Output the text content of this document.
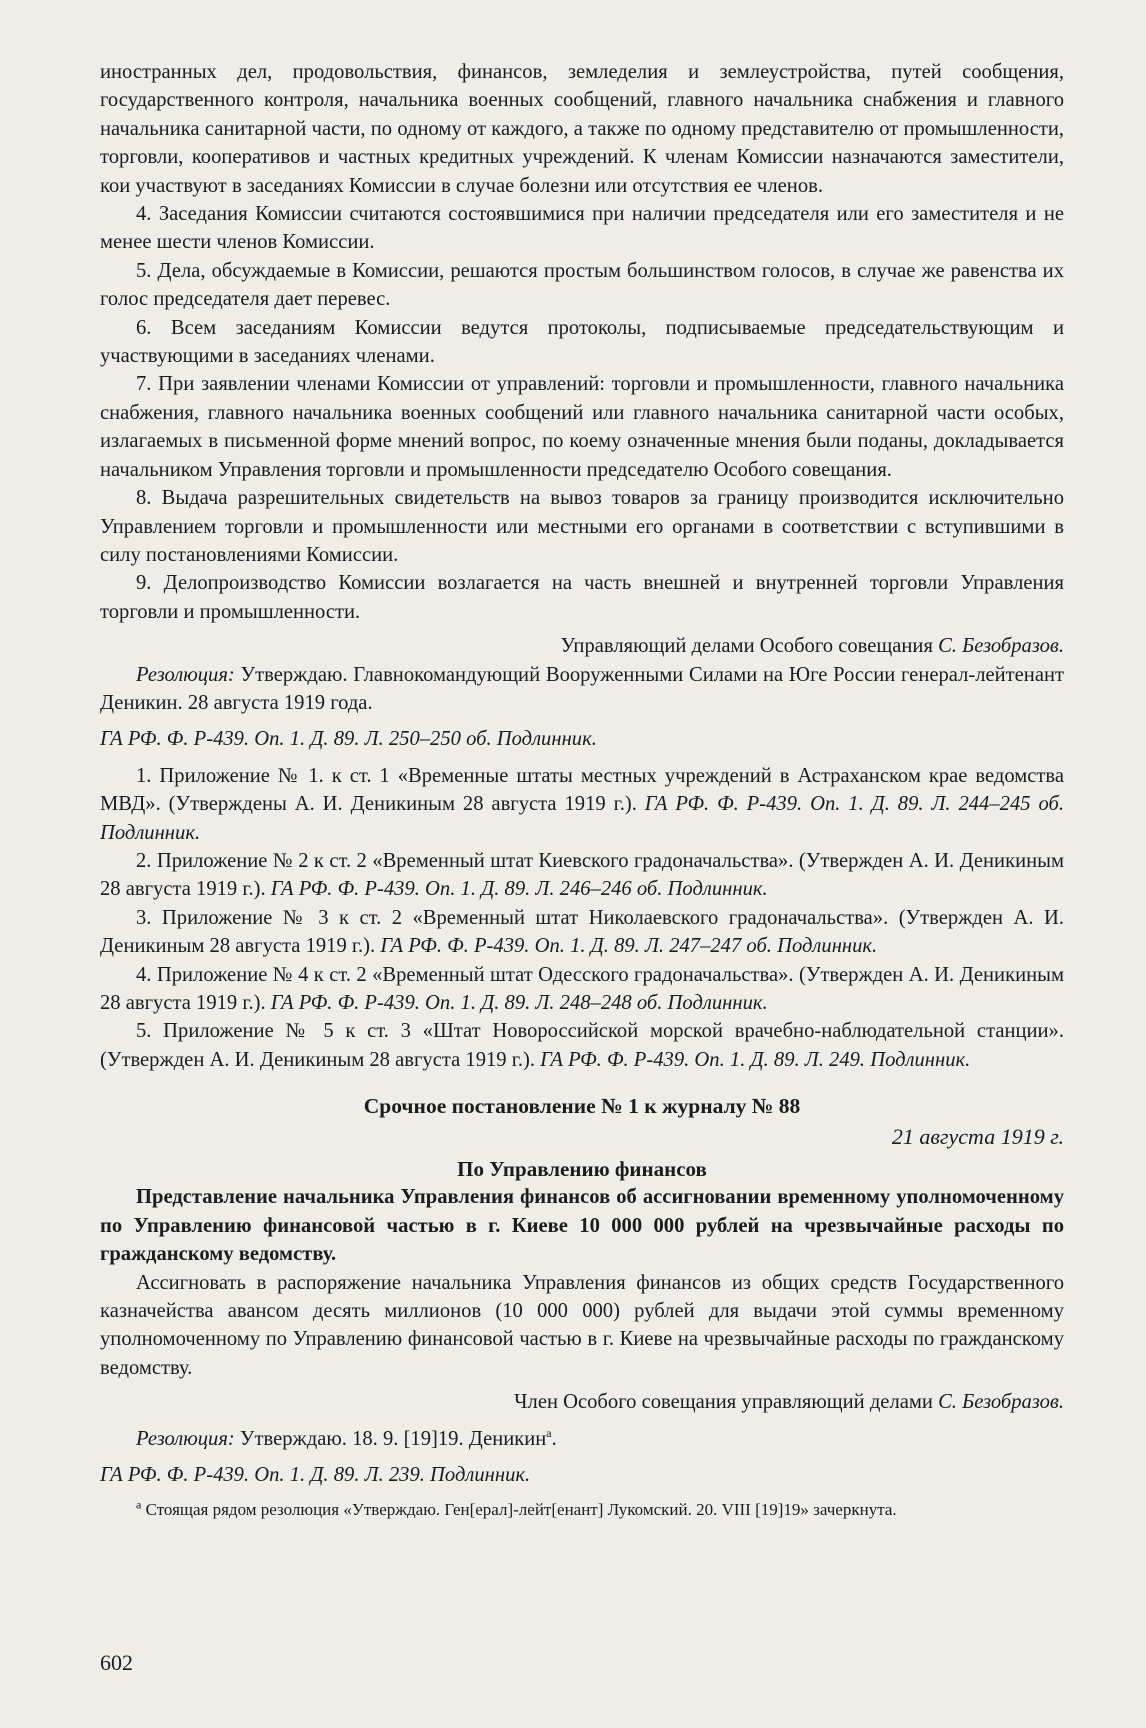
иностранных дел, продовольствия, финансов, земледелия и землеустройства, путей сообщения, государственного контроля, начальника военных сообщений, главного начальника снабжения и главного начальника санитарной части, по одному от каждого, а также по одному представителю от промышленности, торговли, кооперативов и частных кредитных учреждений. К членам Комиссии назначаются заместители, кои участвуют в заседаниях Комиссии в случае болезни или отсутствия ее членов.

4. Заседания Комиссии считаются состоявшимися при наличии председателя или его заместителя и не менее шести членов Комиссии.

5. Дела, обсуждаемые в Комиссии, решаются простым большинством голосов, в случае же равенства их голос председателя дает перевес.

6. Всем заседаниям Комиссии ведутся протоколы, подписываемые председательствующим и участвующими в заседаниях членами.

7. При заявлении членами Комиссии от управлений: торговли и промышленности, главного начальника снабжения, главного начальника военных сообщений или главного начальника санитарной части особых, излагаемых в письменной форме мнений вопрос, по коему означенные мнения были поданы, докладывается начальником Управления торговли и промышленности председателю Особого совещания.

8. Выдача разрешительных свидетельств на вывоз товаров за границу производится исключительно Управлением торговли и промышленности или местными его органами в соответствии с вступившими в силу постановлениями Комиссии.

9. Делопроизводство Комиссии возлагается на часть внешней и внутренней торговли Управления торговли и промышленности.

Управляющий делами Особого совещания С. Безобразов.

Резолюция: Утверждаю. Главнокомандующий Вооруженными Силами на Юге России генерал-лейтенант Деникин. 28 августа 1919 года.

ГА РФ. Ф. Р-439. Оп. 1. Д. 89. Л. 250–250 об. Подлинник.

1. Приложение № 1. к ст. 1 «Временные штаты местных учреждений в Астраханском крае ведомства МВД». (Утверждены А. И. Деникиным 28 августа 1919 г.). ГА РФ. Ф. Р-439. Оп. 1. Д. 89. Л. 244–245 об. Подлинник.

2. Приложение № 2 к ст. 2 «Временный штат Киевского градоначальства». (Утвержден А. И. Деникиным 28 августа 1919 г.). ГА РФ. Ф. Р-439. Оп. 1. Д. 89. Л. 246–246 об. Подлинник.

3. Приложение № 3 к ст. 2 «Временный штат Николаевского градоначальства». (Утвержден А. И. Деникиным 28 августа 1919 г.). ГА РФ. Ф. Р-439. Оп. 1. Д. 89. Л. 247–247 об. Подлинник.

4. Приложение № 4 к ст. 2 «Временный штат Одесского градоначальства». (Утвержден А. И. Деникиным 28 августа 1919 г.). ГА РФ. Ф. Р-439. Оп. 1. Д. 89. Л. 248–248 об. Подлинник.

5. Приложение № 5 к ст. 3 «Штат Новороссийской морской врачебно-наблюдательной станции». (Утвержден А. И. Деникиным 28 августа 1919 г.). ГА РФ. Ф. Р-439. Оп. 1. Д. 89. Л. 249. Подлинник.

Срочное постановление № 1 к журналу № 88

21 августа 1919 г.

По Управлению финансов

Представление начальника Управления финансов об ассигновании временному уполномоченному по Управлению финансовой частью в г. Киеве 10 000 000 рублей на чрезвычайные расходы по гражданскому ведомству.

Ассигновать в распоряжение начальника Управления финансов из общих средств Государственного казначейства авансом десять миллионов (10 000 000) рублей для выдачи этой суммы временному уполномоченному по Управлению финансовой частью в г. Киеве на чрезвычайные расходы по гражданскому ведомству.

Член Особого совещания управляющий делами С. Безобразов.

Резолюция: Утверждаю. 18. 9. [19]19. Деникин$^а$.

ГА РФ. Ф. Р-439. Оп. 1. Д. 89. Л. 239. Подлинник.

$^а$ Стоящая рядом резолюция «Утверждаю. Ген[ерал]-лейт[енант] Лукомский. 20. VIII [19]19» зачеркнута.

602
